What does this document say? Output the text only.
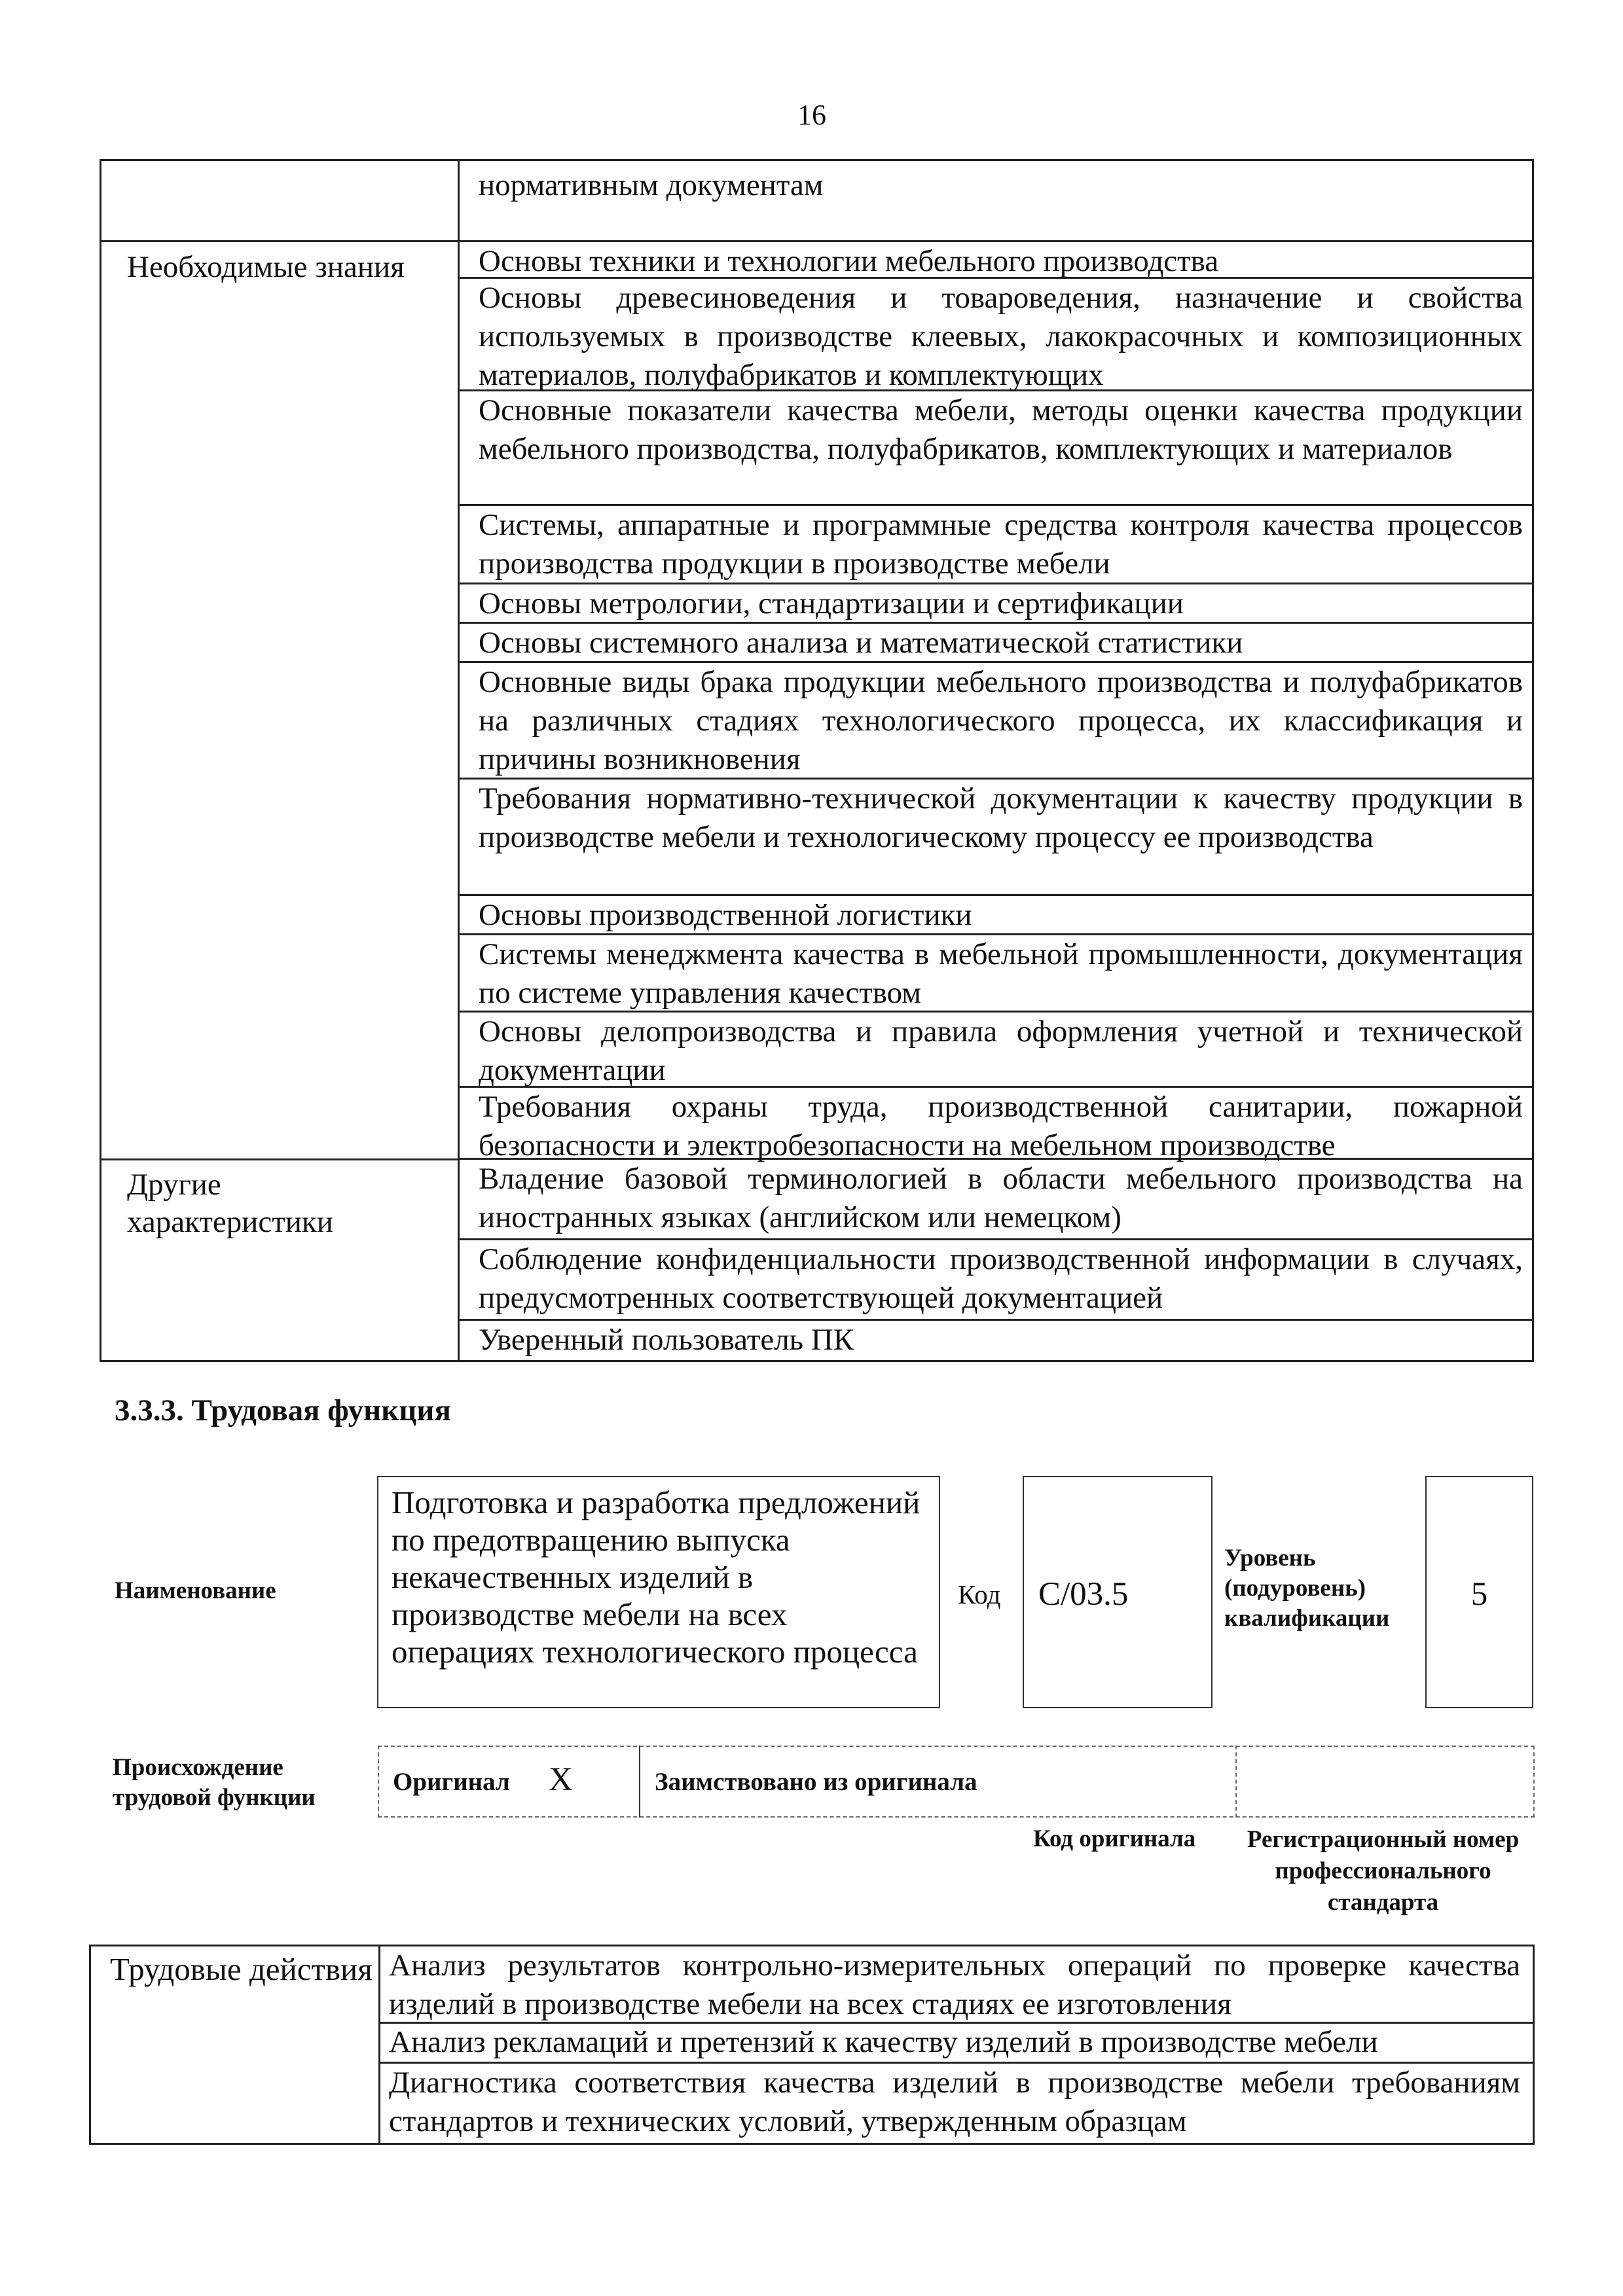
16
нормативным документам
Необходимые знания
Другие характеристики
Основы техники и технологии мебельного производства
Основы древесиноведения и товароведения, назначение и свойства используемых в производстве клеевых, лакокрасочных и композиционных материалов, полуфабрикатов и комплектующих
Основные показатели качества мебели, методы оценки качества продукции мебельного производства, полуфабрикатов, комплектующих и материалов
Системы, аппаратные и программные средства контроля качества процессов производства продукции в производстве мебели
Основы метрологии, стандартизации и сертификации
Основы системного анализа и математической статистики
Основные виды брака продукции мебельного производства и полуфабрикатов на различных стадиях технологического процесса, их классификация и причины возникновения
Требования нормативно-технической документации к качеству продукции в производстве мебели и технологическому процессу ее производства
Основы производственной логистики
Системы менеджмента качества в мебельной промышленности, документация по системе управления качеством
Основы делопроизводства и правила оформления учетной и технической документации
Требования охраны труда, производственной санитарии, пожарной безопасности и электробезопасности на мебельном производстве
Владение базовой терминологией в области мебельного производства на иностранных языках (английском или немецком)
Соблюдение конфиденциальности производственной информации в случаях, предусмотренных соответствующей документацией
Уверенный пользователь ПК
3.3.3. Трудовая функция
Наименование
Подготовка и разработка предложений по предотвращению выпуска некачественных изделий в производстве мебели на всех операциях технологического процесса
Код	C/03.5
Уровень (подуровень) квалификации
5
Происхождение трудовой функции
Оригинал X	Заимствовано из оригинала
Код оригинала Регистрационный номер профессионального стандарта
Трудовые действия Анализ результатов контрольно-измерительных операций по проверке качества изделий в производстве мебели на всех стадиях ее изготовления
Анализ рекламаций и претензий к качеству изделий в производстве мебели
Диагностика соответствия качества изделий в производстве мебели требованиям стандартов и технических условий, утвержденным образцам
